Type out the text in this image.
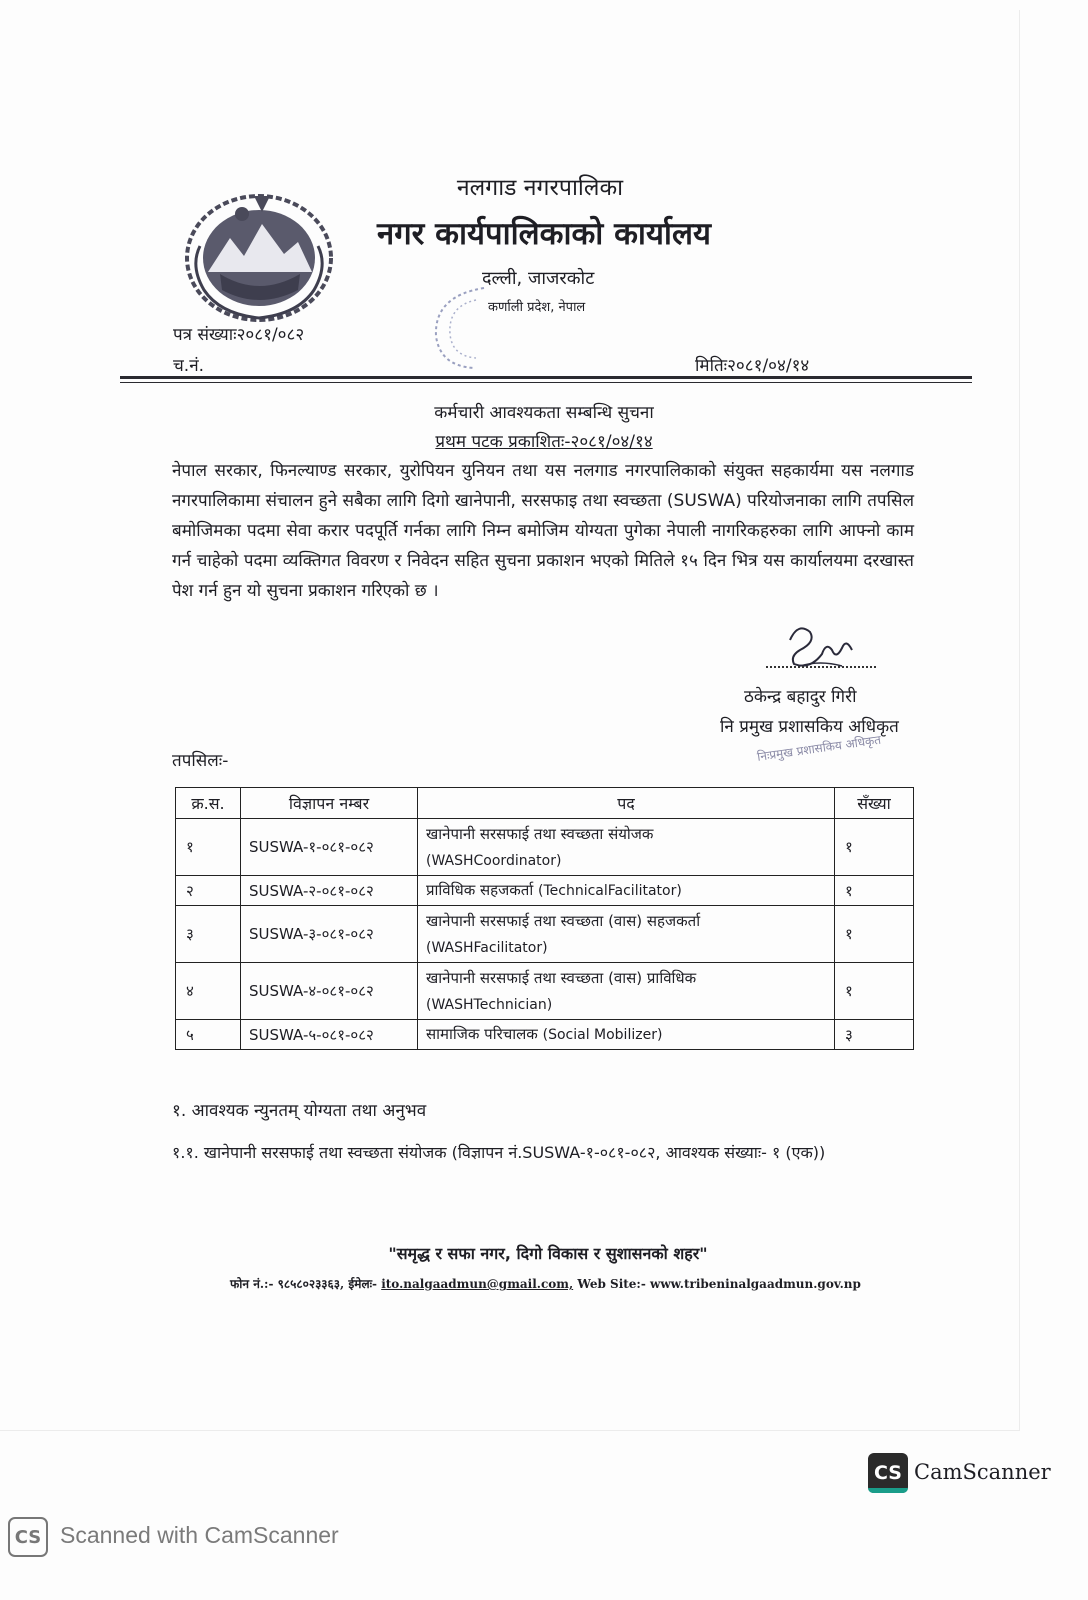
नलगाड नगरपालिका
नगर कार्यपालिकाको कार्यालय
दल्ली, जाजरकोट
कर्णाली प्रदेश, नेपाल
पत्र संख्याः२०८१/०८२
च.नं.	मितिः२०८१/०४/१४
कर्मचारी आवश्यकता सम्बन्धि सुचना
प्रथम पटक प्रकाशितः-२०८१/०४/१४
नेपाल सरकार, फिनल्याण्ड सरकार, युरोपियन युनियन तथा यस नलगाड नगरपालिकाको संयुक्त सहकार्यमा यस नलगाड नगरपालिकामा संचालन हुने सबैका लागि दिगो खानेपानी, सरसफाइ तथा स्वच्छता (SUSWA) परियोजनाका लागि तपसिल बमोजिमका पदमा सेवा करार पदपूर्ति गर्नका लागि निम्न बमोजिम योग्यता पुगेका नेपाली नागरिकहरुका लागि आफ्नो काम गर्न चाहेको पदमा व्यक्तिगत विवरण र निवेदन सहित सुचना प्रकाशन भएको मितिले १५ दिन भित्र यस कार्यालयमा दरखास्त पेश गर्न हुन यो सुचना प्रकाशन गरिएको छ ।
ठकेन्द्र बहादुर गिरी
नि प्रमुख प्रशासकिय अधिकृत
निःप्रमुख प्रशासकिय अधिकृत
तपसिलः-
क्र.स.	विज्ञापन नम्बर	पद	सँख्या
१	SUSWA-१-०८१-०८२	खानेपानी सरसफाई तथा स्वच्छता संयोजक
(WASHCoordinator)	१
२	SUSWA-२-०८१-०८२	प्राविधिक सहजकर्ता (TechnicalFacilitator)	१
३	SUSWA-३-०८१-०८२	खानेपानी सरसफाई तथा स्वच्छता (वास) सहजकर्ता
(WASHFacilitator)	१
४	SUSWA-४-०८१-०८२	खानेपानी सरसफाई तथा स्वच्छता (वास) प्राविधिक
(WASHTechnician)	१
५	SUSWA-५-०८१-०८२	सामाजिक परिचालक (Social Mobilizer)	३
१. आवश्यक न्युनतम् योग्यता तथा अनुभव
१.१. खानेपानी सरसफाई तथा स्वच्छता संयोजक (विज्ञापन नं.SUSWA-१-०८१-०८२, आवश्यक संख्याः- १ (एक))
"समृद्ध र सफा नगर, दिगो विकास र सुशासनको शहर"
फोन नं.:- ९८५८०२३३६३, ईमेलः- ito.nalgaadmun@gmail.com, Web Site:- www.tribeninalgaadmun.gov.np
CS CamScanner
CS Scanned with CamScanner
